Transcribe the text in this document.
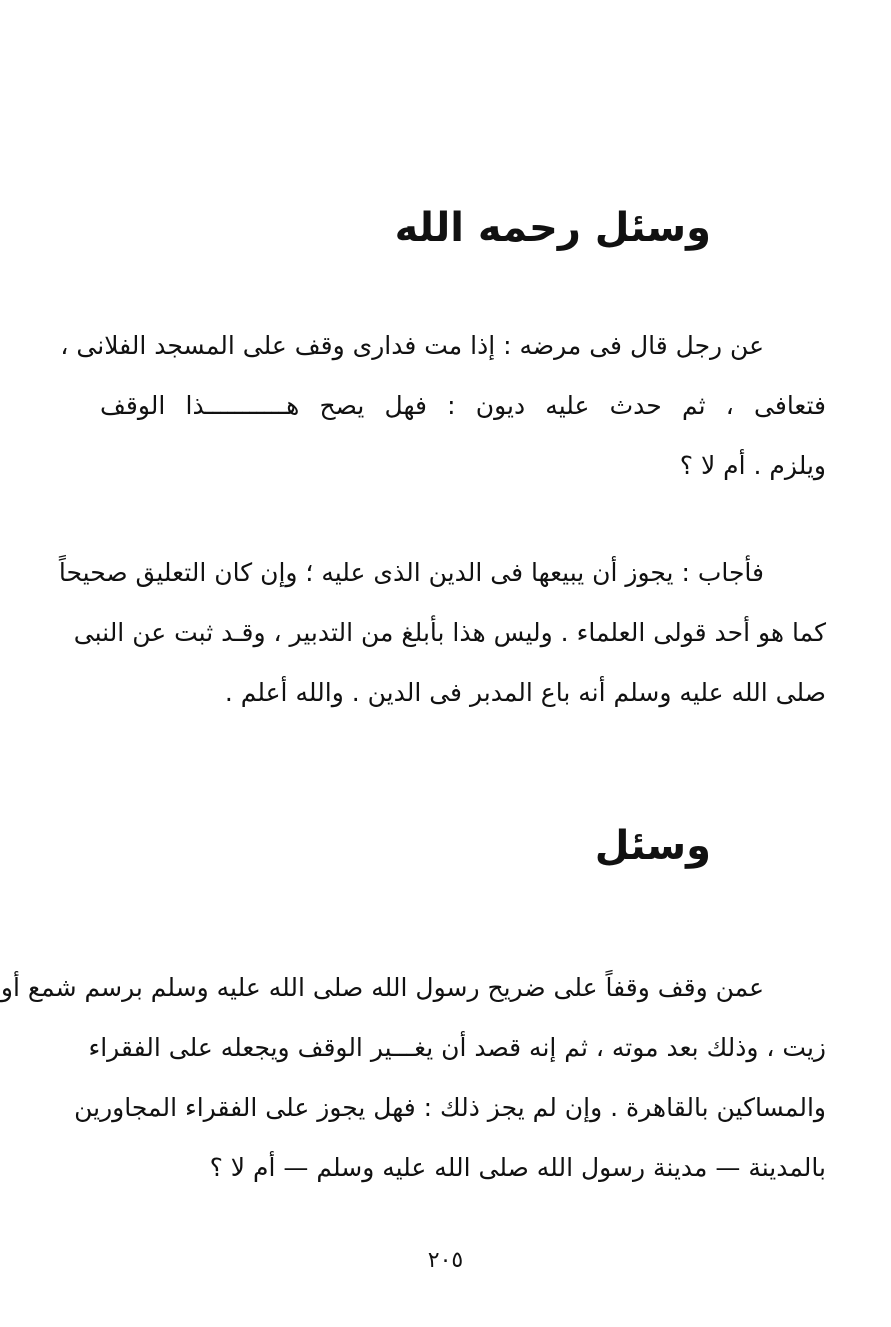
وسئل رحمه الله
عن رجل قال فى مرضه : إذا مت فدارى وقف على المسجد الفلانى ،
فتعافى ، ثم حدث عليه ديون : فهل يصح هـــــــــــذا الوقف
ويلزم . أم لا ؟
فأجاب : يجوز أن يبيعها فى الدين الذى عليه ؛ وإن كان التعليق صحيحاً
كما هو أحد قولى العلماء . وليس هذا بأبلغ من التدبير ، وقـد ثبت عن النبى
صلى الله عليه وسلم أنه باع المدبر فى الدين . والله أعلم .
وسئل
عمن وقف وقفاً على ضريح رسول الله صلى الله عليه وسلم برسم شمع أو
زيت ، وذلك بعد موته ، ثم إنه قصد أن يغـــير الوقف ويجعله على الفقراء
والمساكين بالقاهرة . وإن لم يجز ذلك : فهل يجوز على الفقراء المجاورين
بالمدينة — مدينة رسول الله صلى الله عليه وسلم — أم لا ؟
٢٠٥
